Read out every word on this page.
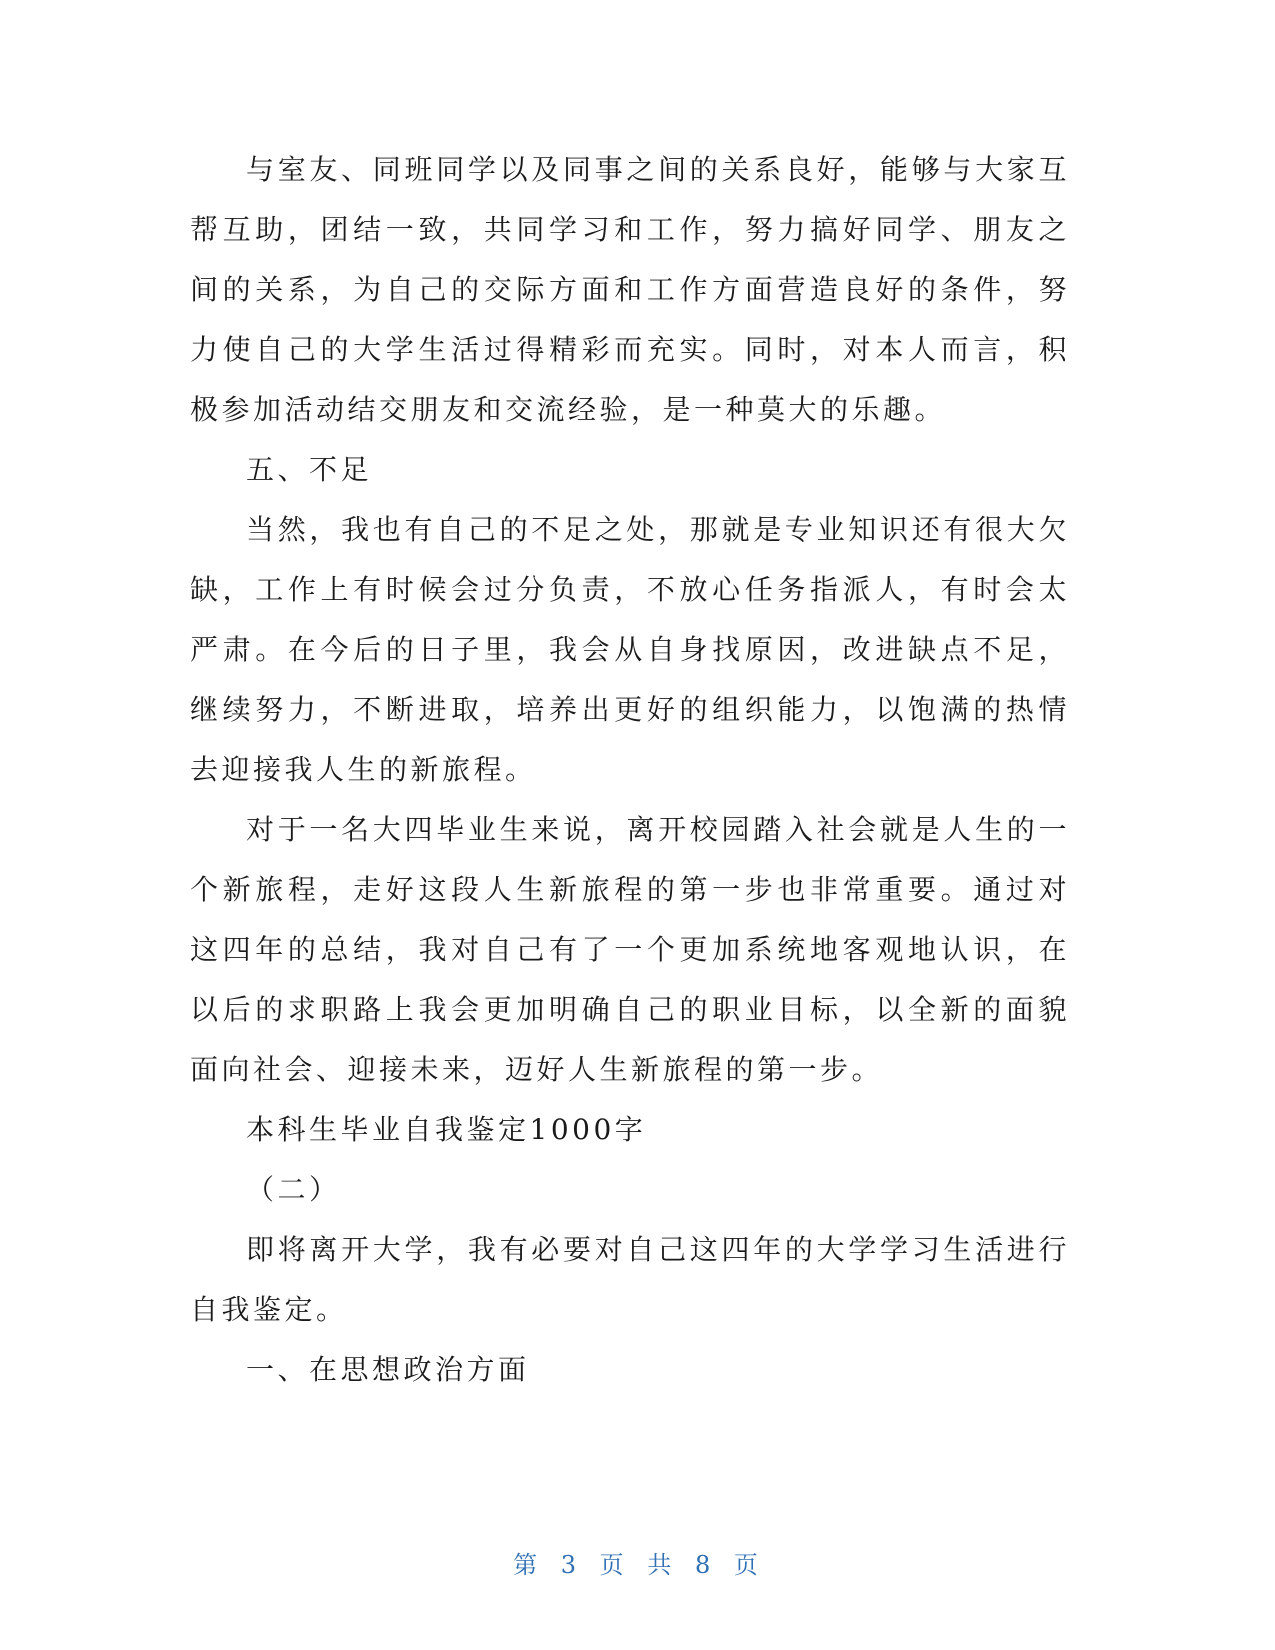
与室友、同班同学以及同事之间的关系良好，能够与大家互帮互助，团结一致，共同学习和工作，努力搞好同学、朋友之间的关系，为自己的交际方面和工作方面营造良好的条件，努力使自己的大学生活过得精彩而充实。同时，对本人而言，积极参加活动结交朋友和交流经验，是一种莫大的乐趣。

五、不足

当然，我也有自己的不足之处，那就是专业知识还有很大欠缺，工作上有时候会过分负责，不放心任务指派人，有时会太严肃。在今后的日子里，我会从自身找原因，改进缺点不足，继续努力，不断进取，培养出更好的组织能力，以饱满的热情去迎接我人生的新旅程。

对于一名大四毕业生来说，离开校园踏入社会就是人生的一个新旅程，走好这段人生新旅程的第一步也非常重要。通过对这四年的总结，我对自己有了一个更加系统地客观地认识，在以后的求职路上我会更加明确自己的职业目标，以全新的面貌面向社会、迎接未来，迈好人生新旅程的第一步。

本科生毕业自我鉴定1000字

（二）

即将离开大学，我有必要对自己这四年的大学学习生活进行自我鉴定。

一、在思想政治方面

第 3 页 共 8 页
